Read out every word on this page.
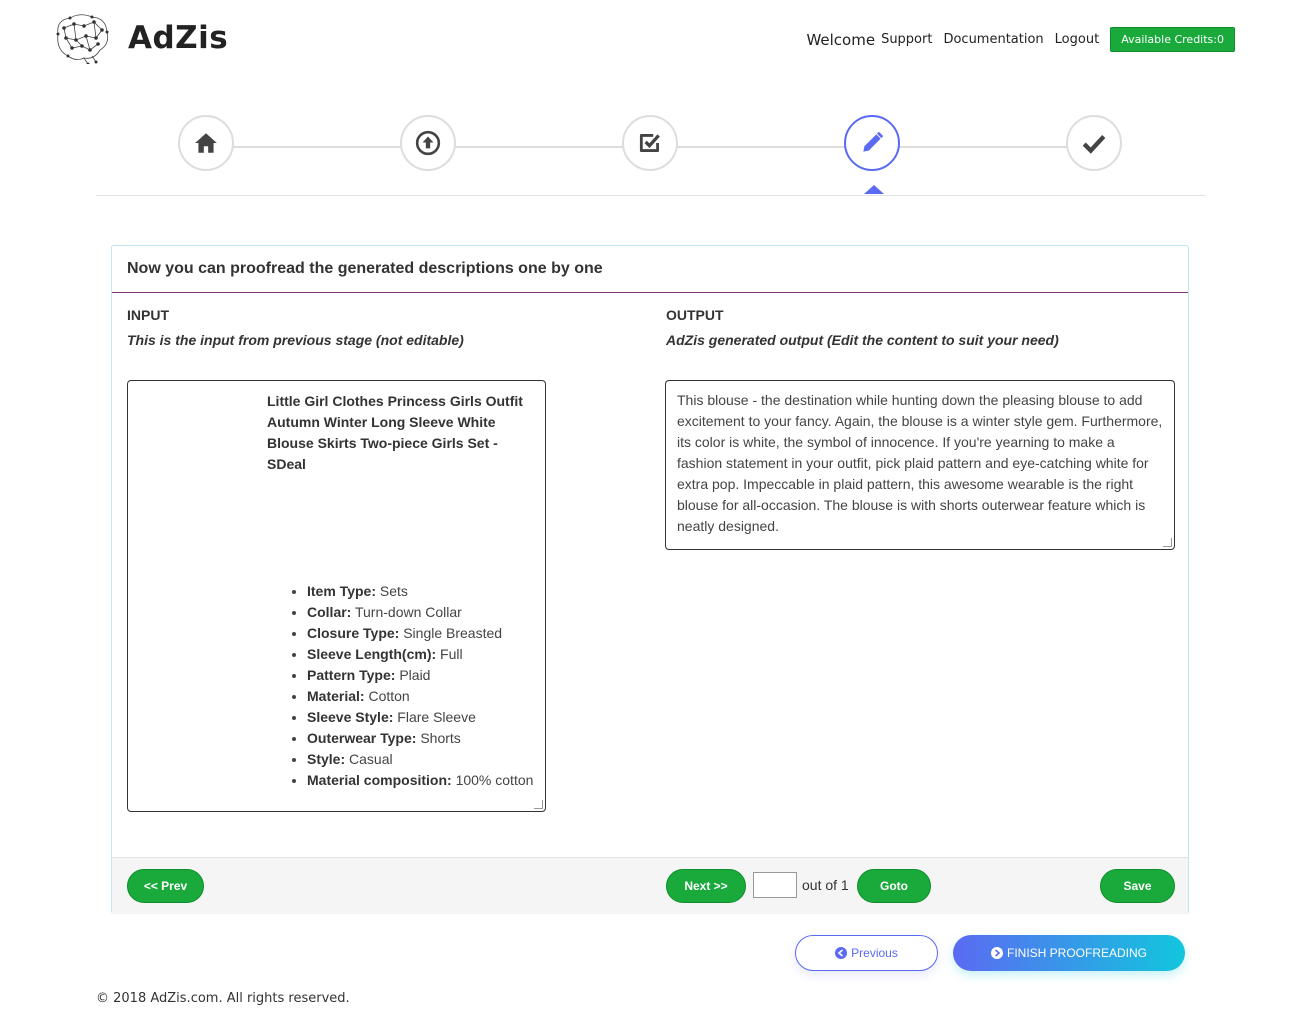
AdZis	Welcome Support Documentation Logout	Available Credits:0
Now you can proofread the generated descriptions one by one
INPUT
This is the input from previous stage (not editable)
OUTPUT
AdZis generated output (Edit the content to suit your need)
Little Girl Clothes Princess Girls Outfit Autumn Winter Long Sleeve White Blouse Skirts Two-piece Girls Set - SDeal
• Item Type: Sets
• Collar: Turn-down Collar
• Closure Type: Single Breasted
• Sleeve Length(cm): Full
• Pattern Type: Plaid
• Material: Cotton
• Sleeve Style: Flare Sleeve
• Outerwear Type: Shorts
• Style: Casual
• Material composition: 100% cotton
This blouse - the destination while hunting down the pleasing blouse to add excitement to your fancy. Again, the blouse is a winter style gem. Furthermore, its color is white, the symbol of innocence. If you're yearning to make a fashion statement in your outfit, pick plaid pattern and eye-catching white for extra pop. Impeccable in plaid pattern, this awesome wearable is the right blouse for all-occasion. The blouse is with shorts outerwear feature which is neatly designed.
<< Prev	Next >>	out of 1	Goto	Save
Previous	FINISH PROOFREADING
© 2018 AdZis.com. All rights reserved.
